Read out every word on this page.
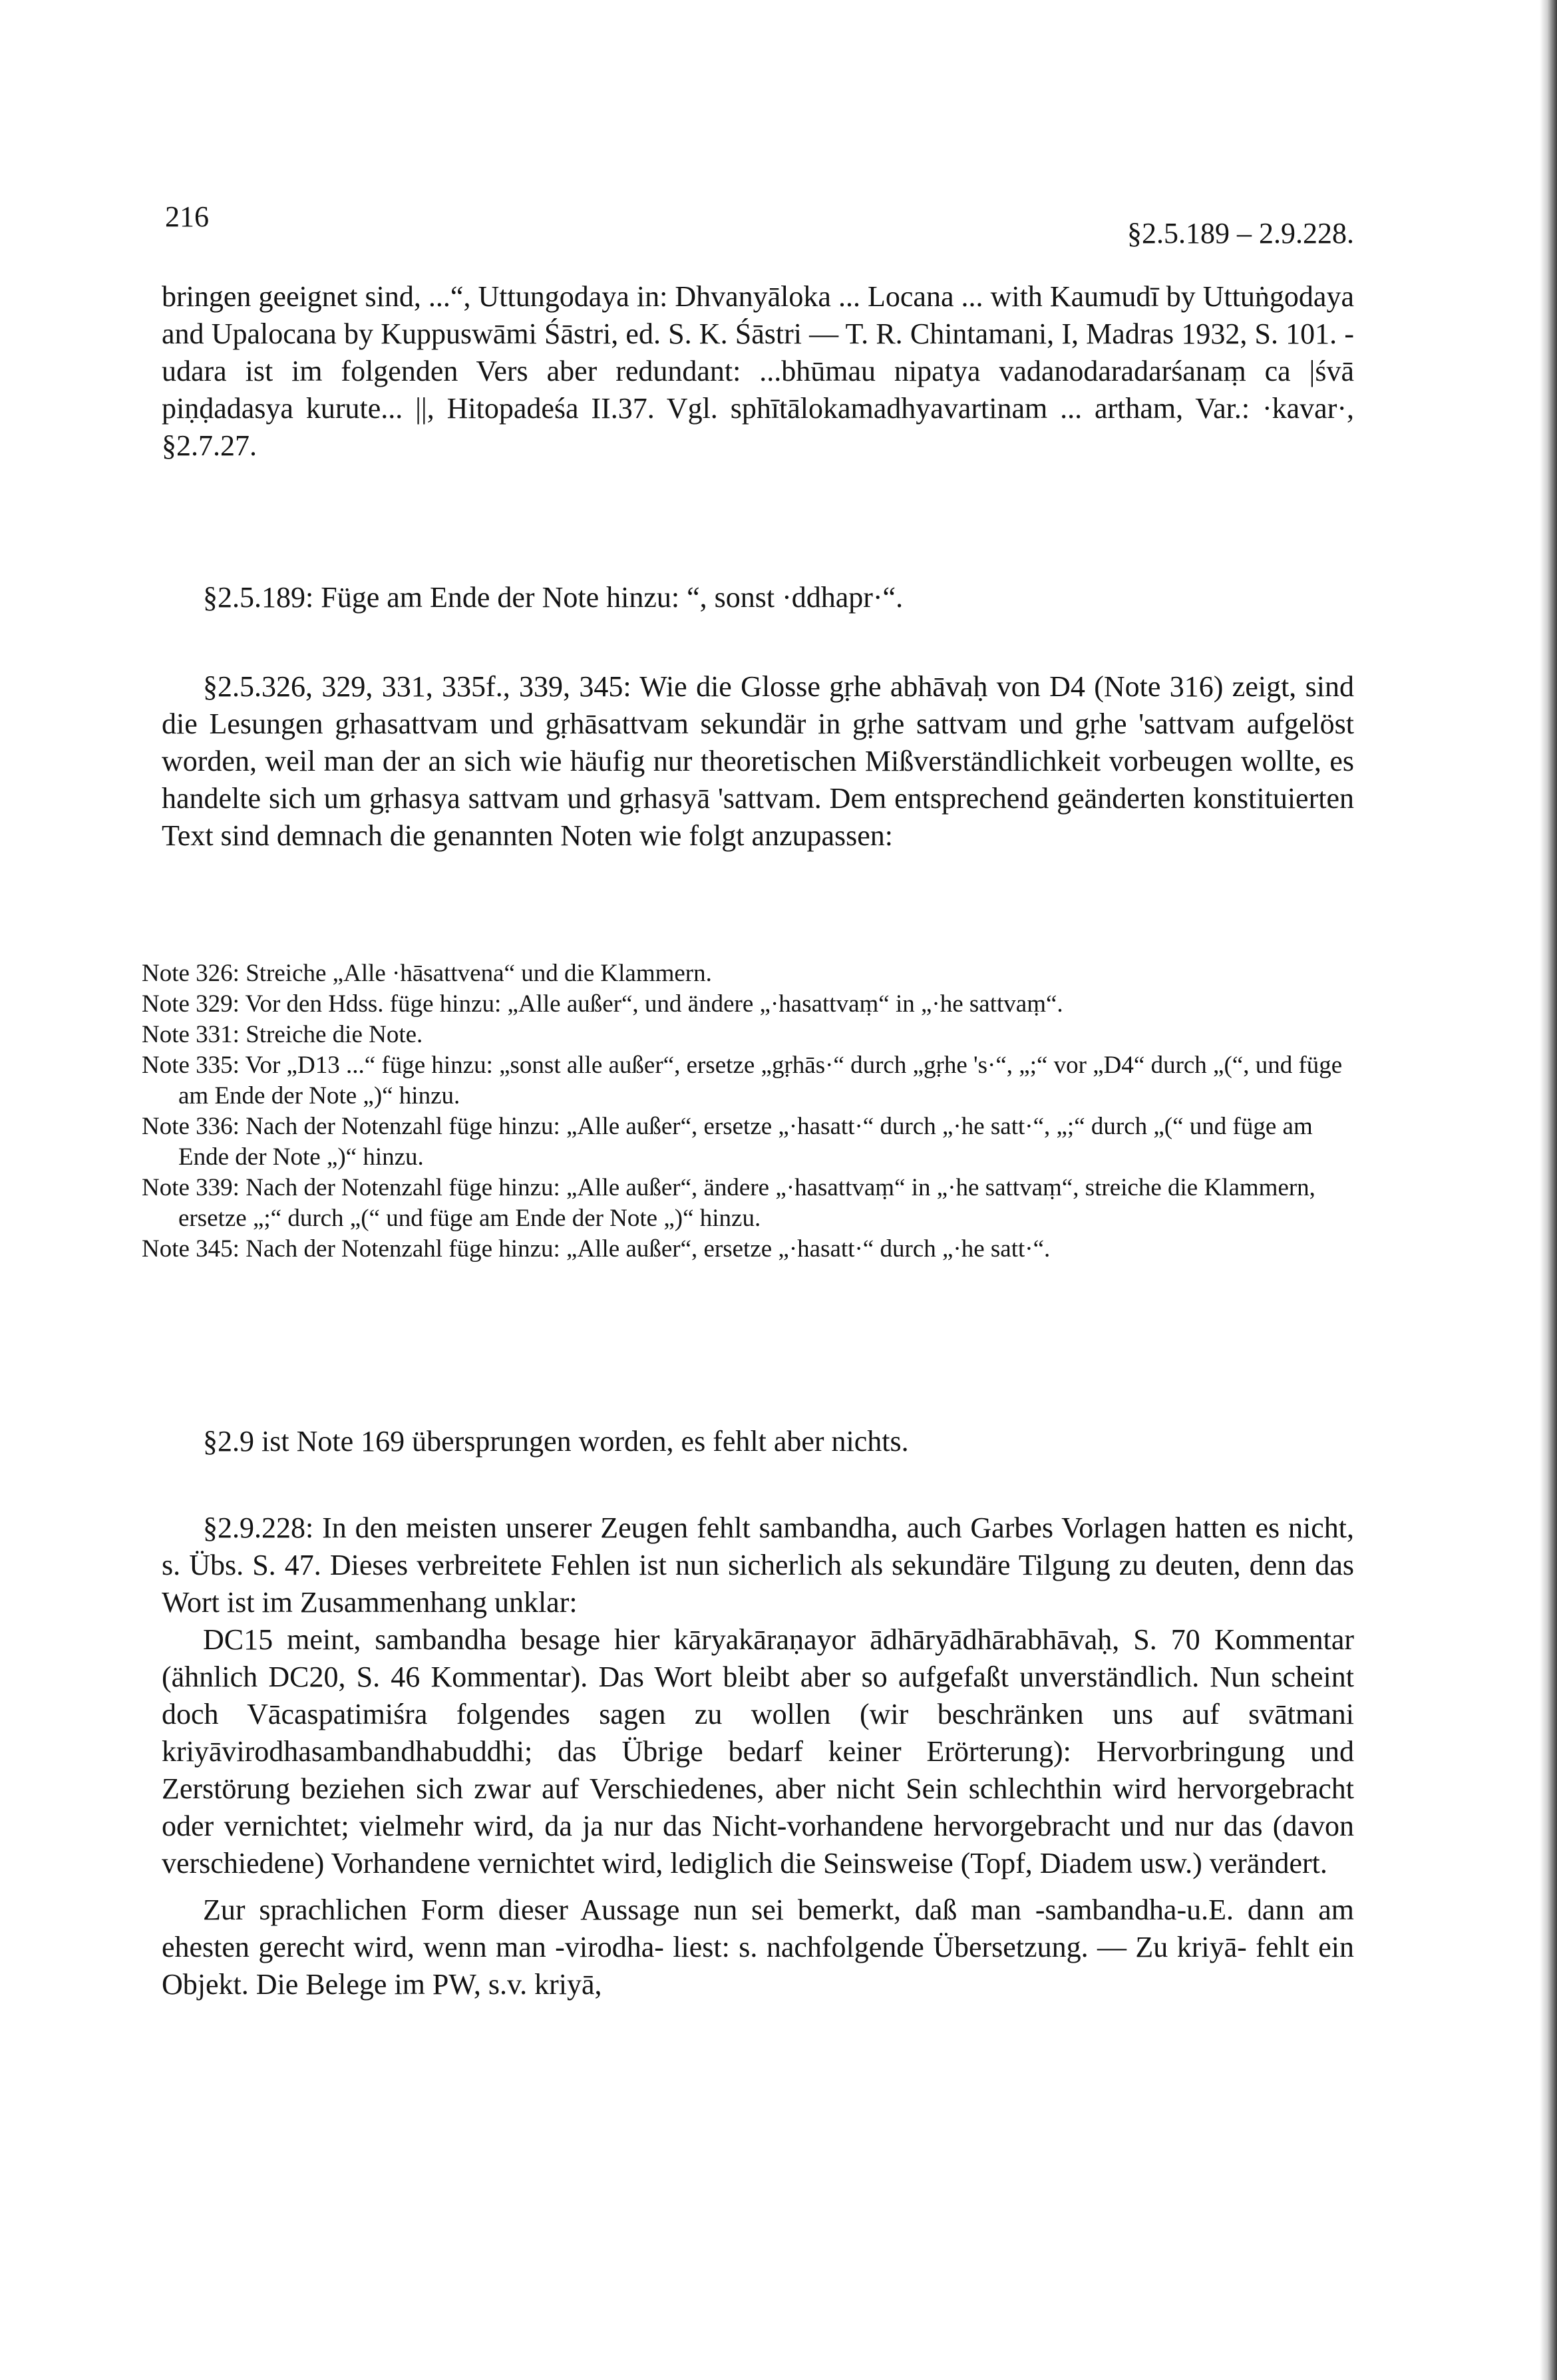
216
§2.5.189 – 2.9.228.

bringen geeignet sind, ...“, Uttungodaya in: Dhvanyāloka ... Locana ... with Kaumudī by Uttuṅgodaya and Upalocana by Kuppuswāmi Śāstri, ed. S. K. Śāstri — T. R. Chintamani, I, Madras 1932, S. 101. -udara ist im folgenden Vers aber redundant: ...bhūmau nipatya vadanodaradarśanaṃ ca |śvā piṇḍadasya kurute... ||, Hitopadeśa II.37. Vgl. sphītālokamadhyavartinam ... artham, Var.: ·kavar·, §2.7.27.

§2.5.189: Füge am Ende der Note hinzu: “, sonst ·ddhapr·“.

§2.5.326, 329, 331, 335f., 339, 345: Wie die Glosse gṛhe abhāvaḥ von D4 (Note 316) zeigt, sind die Lesungen gṛhasattvam und gṛhāsattvam sekundär in gṛhe sattvam und gṛhe 'sattvam aufgelöst worden, weil man der an sich wie häufig nur theoretischen Mißverständlichkeit vorbeugen wollte, es handelte sich um gṛhasya sattvam und gṛhasyā 'sattvam. Dem entsprechend geänderten konstituierten Text sind demnach die genannten Noten wie folgt anzupassen:

Note 326: Streiche „Alle ·hāsattvena“ und die Klammern.
Note 329: Vor den Hdss. füge hinzu: „Alle außer“, und ändere „·hasattvaṃ“ in „·he sattvaṃ“.
Note 331: Streiche die Note.
Note 335: Vor „D13 ...“ füge hinzu: „sonst alle außer“, ersetze „gṛhās·“ durch „gṛhe 's·“, „;“ vor „D4“ durch „(“, und füge am Ende der Note „)“ hinzu.
Note 336: Nach der Notenzahl füge hinzu: „Alle außer“, ersetze „·hasatt·“ durch „·he satt·“, „;“ durch „(“ und füge am Ende der Note „)“ hinzu.
Note 339: Nach der Notenzahl füge hinzu: „Alle außer“, ändere „·hasattvaṃ“ in „·he sattvaṃ“, streiche die Klammern, ersetze „;“ durch „(“ und füge am Ende der Note „)“ hinzu.
Note 345: Nach der Notenzahl füge hinzu: „Alle außer“, ersetze „·hasatt·“ durch „·he satt·“.

§2.9 ist Note 169 übersprungen worden, es fehlt aber nichts.

§2.9.228: In den meisten unserer Zeugen fehlt sambandha, auch Garbes Vorlagen hatten es nicht, s. Übs. S. 47. Dieses verbreitete Fehlen ist nun sicherlich als sekundäre Tilgung zu deuten, denn das Wort ist im Zusammenhang unklar:

DC15 meint, sambandha besage hier kāryakāraṇayor ādhāryādhārabhāvaḥ, S. 70 Kommentar (ähnlich DC20, S. 46 Kommentar). Das Wort bleibt aber so aufgefaßt unverständlich. Nun scheint doch Vācaspatimiśra folgendes sagen zu wollen (wir beschränken uns auf svātmani kriyāvirodhasambandhabuddhi; das Übrige bedarf keiner Erörterung): Hervorbringung und Zerstörung beziehen sich zwar auf Verschiedenes, aber nicht Sein schlechthin wird hervorgebracht oder vernichtet; vielmehr wird, da ja nur das Nicht-vorhandene hervorgebracht und nur das (davon verschiedene) Vorhandene vernichtet wird, lediglich die Seinsweise (Topf, Diadem usw.) verändert.

Zur sprachlichen Form dieser Aussage nun sei bemerkt, daß man -sambandha-u.E. dann am ehesten gerecht wird, wenn man -virodha- liest: s. nachfolgende Übersetzung. — Zu kriyā- fehlt ein Objekt. Die Belege im PW, s.v. kriyā,
